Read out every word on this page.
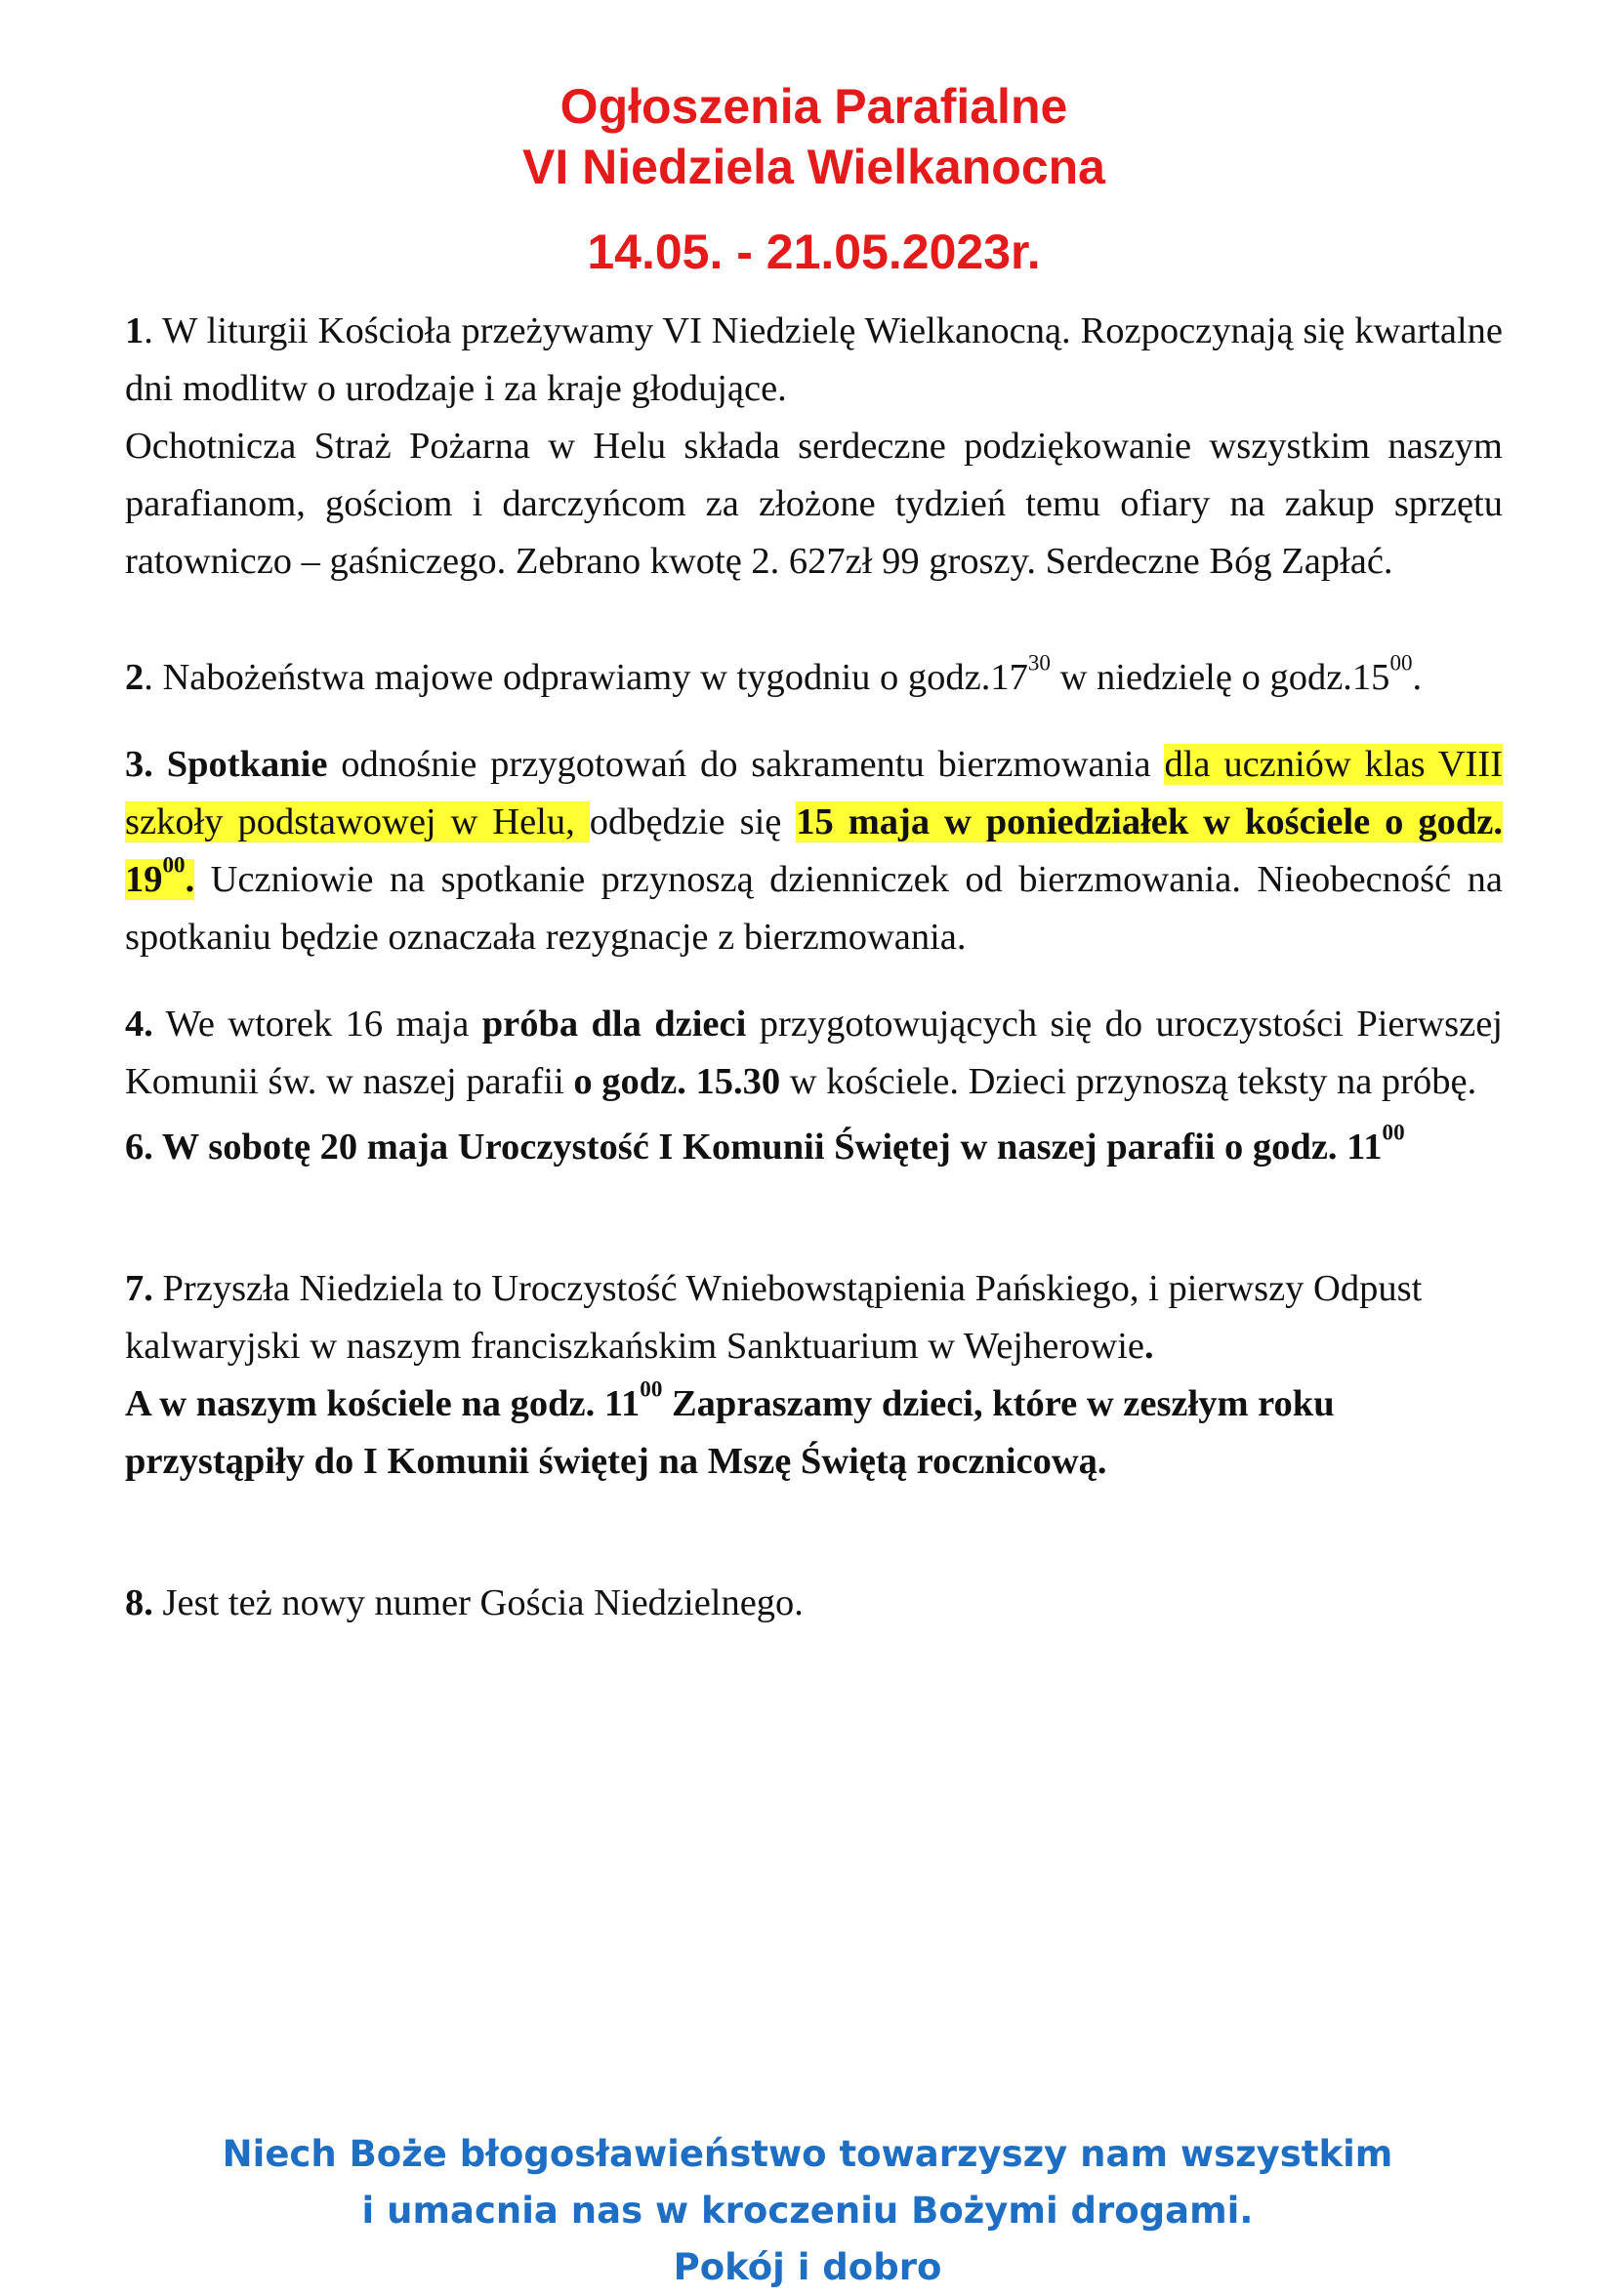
Ogłoszenia Parafialne
VI Niedziela Wielkanocna
14.05. - 21.05.2023r.

1. W liturgii Kościoła przeżywamy VI Niedzielę Wielkanocną. Rozpoczynają się kwartalne dni modlitw o urodzaje i za kraje głodujące.

Ochotnicza Straż Pożarna w Helu składa serdeczne podziękowanie wszystkim naszym parafianom, gościom i darczyńcom za złożone tydzień temu ofiary na zakup sprzętu ratowniczo – gaśniczego. Zebrano kwotę 2. 627zł 99 groszy. Serdeczne Bóg Zapłać.

2. Nabożeństwa majowe odprawiamy w tygodniu o $godz.17^{30}$ w niedzielę o $godz.15^{00}$.

3. Spotkanie odnośnie przygotowań do sakramentu bierzmowania dla uczniów klas VIII szkoły podstawowej w Helu, odbędzie się 15 maja w poniedziałek w kościele o godz. $19^{00}$. Uczniowie na spotkanie przynoszą dzienniczek od bierzmowania. Nieobecność na spotkaniu będzie oznaczała rezygnacje z bierzmowania.

4. We wtorek 16 maja próba dla dzieci przygotowujących się do uroczystości Pierwszej Komunii św. w naszej parafii o godz. 15.30 w kościele. Dzieci przynoszą teksty na próbę.

6. W sobotę 20 maja Uroczystość I Komunii Świętej w naszej parafii o godz. $11^{00}$

7. Przyszła Niedziela to Uroczystość Wniebowstąpienia Pańskiego, i pierwszy Odpust kalwaryjski w naszym franciszkańskim Sanktuarium w Wejherowie.
A w naszym kościele na godz. $11^{00}$ Zapraszamy dzieci, które w zeszłym roku przystąpiły do I Komunii świętej na Mszę Świętą rocznicową.

8. Jest też nowy numer Gościa Niedzielnego.

Niech Boże błogosławieństwo towarzyszy nam wszystkim
i umacnia nas w kroczeniu Bożymi drogami.
Pokój i dobro
